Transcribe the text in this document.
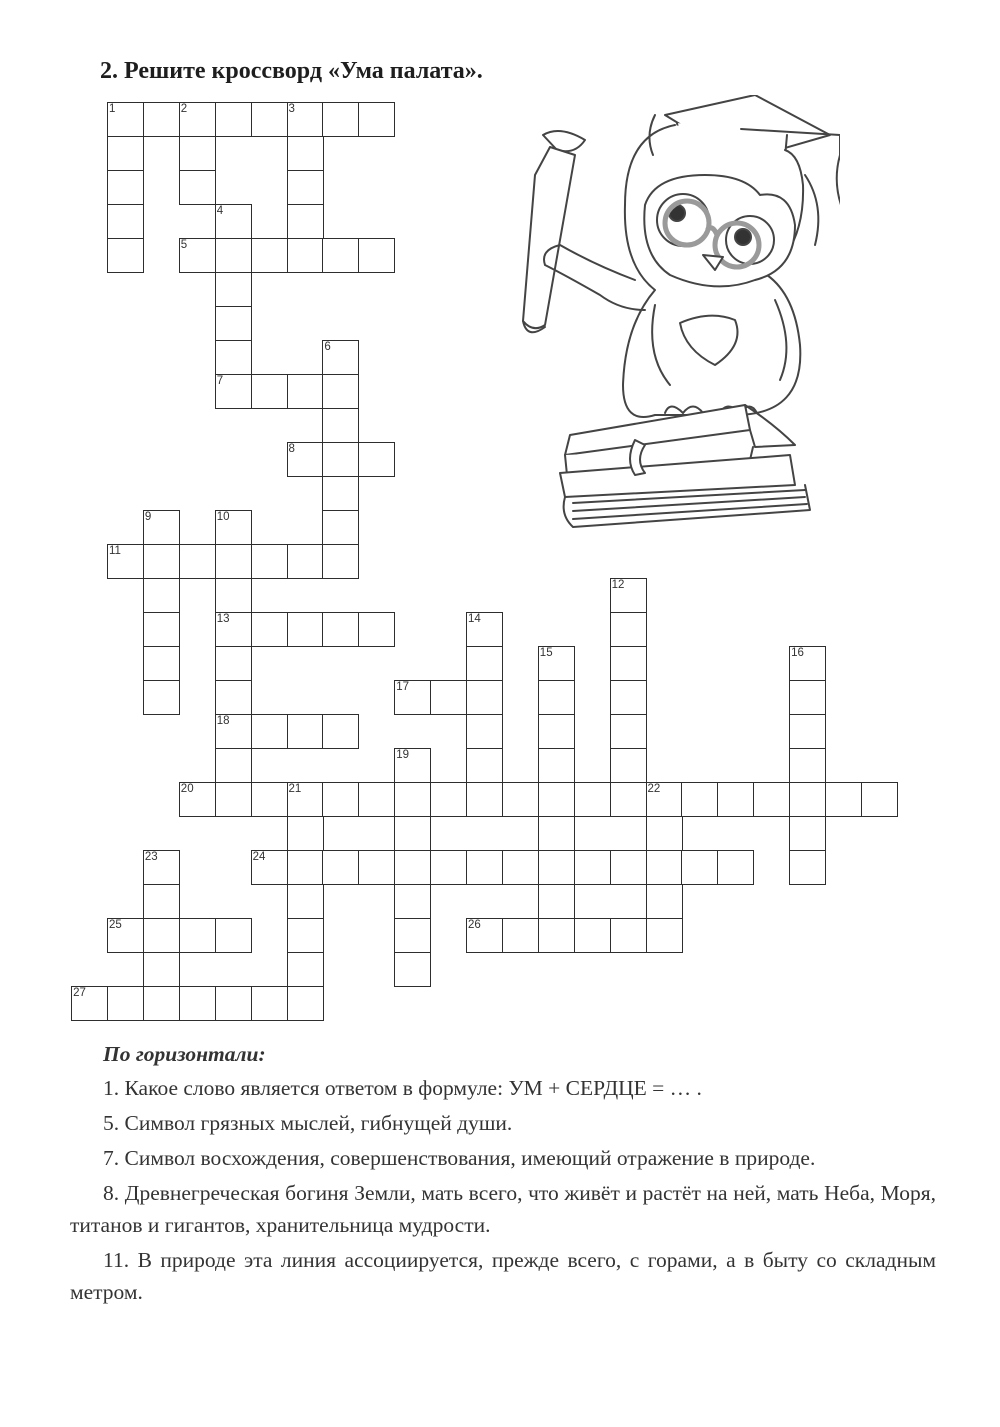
2. Решите кроссворд «Ума палата».
1	2	3
4
5
6
7
8
9	10
11
12
13	14
15	16
17
18
19
20	21	22
23	24
25	26
27
По горизонтали:
1. Какое слово является ответом в формуле: УМ + СЕРДЦЕ = … .
5. Символ грязных мыслей, гибнущей души.
7. Символ восхождения, совершенствования, имеющий отражение в природе.
8. Древнегреческая богиня Земли, мать всего, что живёт и растёт на ней, мать Неба, Моря, титанов и гигантов, хранительница мудрости.
11. В природе эта линия ассоциируется, прежде всего, с горами, а в быту со складным метром.
